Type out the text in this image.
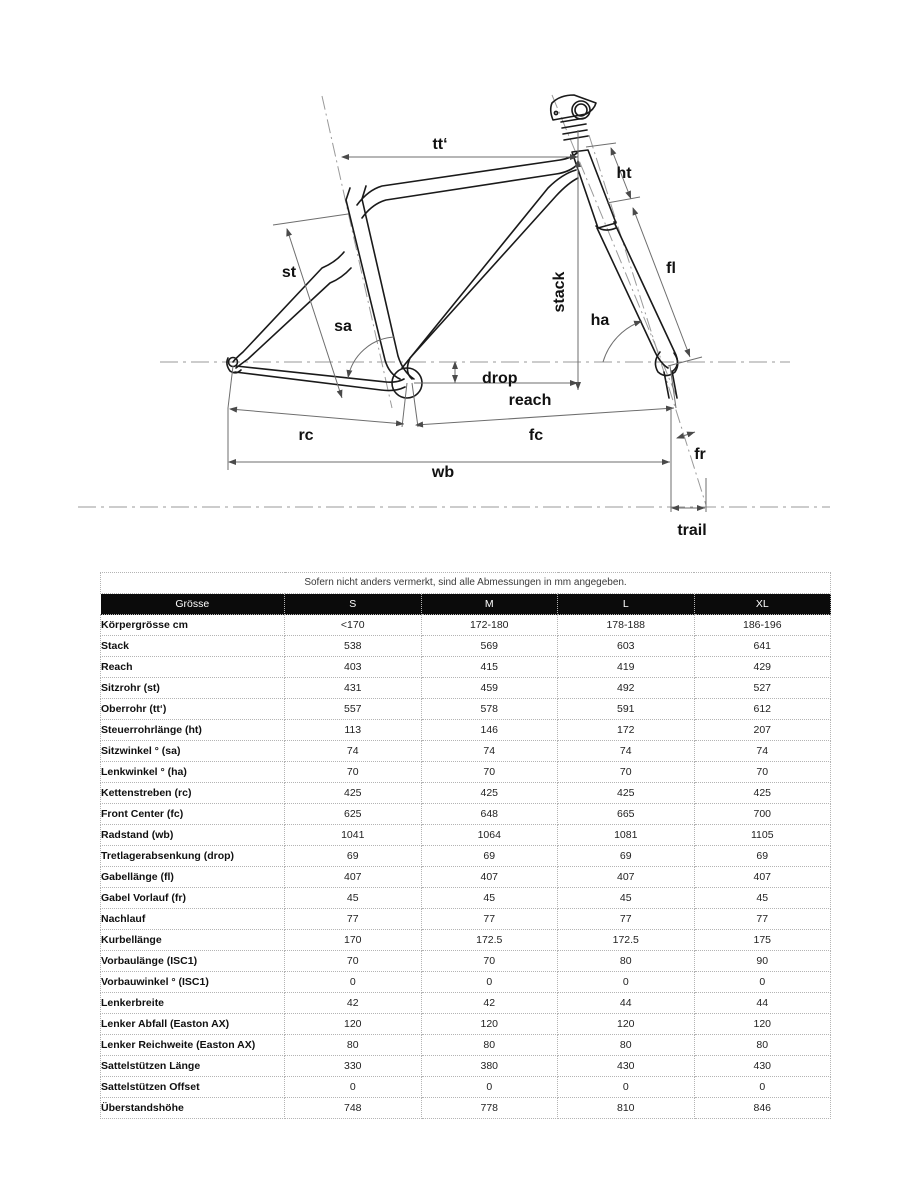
tt‘
ht
st	fl
sa
stack
ha
drop
reach
rc	fc
fr
wb
trail
Sofern nicht anders vermerkt, sind alle Abmessungen in mm angegeben.				
Grösse	S	M	L	XL
Körpergrösse cm	<170	172-180	178-188	186-196
Stack	538	569	603	641
Reach	403	415	419	429
Sitzrohr (st)	431	459	492	527
Oberrohr (tt‘)	557	578	591	612
Steuerrohrlänge (ht)	113	146	172	207
Sitzwinkel ° (sa)	74	74	74	74
Lenkwinkel ° (ha)	70	70	70	70
Kettenstreben (rc)	425	425	425	425
Front Center (fc)	625	648	665	700
Radstand (wb)	1041	1064	1081	1105
Tretlagerabsenkung (drop)	69	69	69	69
Gabellänge (fl)	407	407	407	407
Gabel Vorlauf (fr)	45	45	45	45
Nachlauf	77	77	77	77
Kurbellänge	170	172.5	172.5	175
Vorbaulänge (ISC1)	70	70	80	90
Vorbauwinkel ° (ISC1)	0	0	0	0
Lenkerbreite	42	42	44	44
Lenker Abfall (Easton AX)	120	120	120	120
Lenker Reichweite (Easton AX)	80	80	80	80
Sattelstützen Länge	330	380	430	430
Sattelstützen Offset	0	0	0	0
Überstandshöhe	748	778	810	846
